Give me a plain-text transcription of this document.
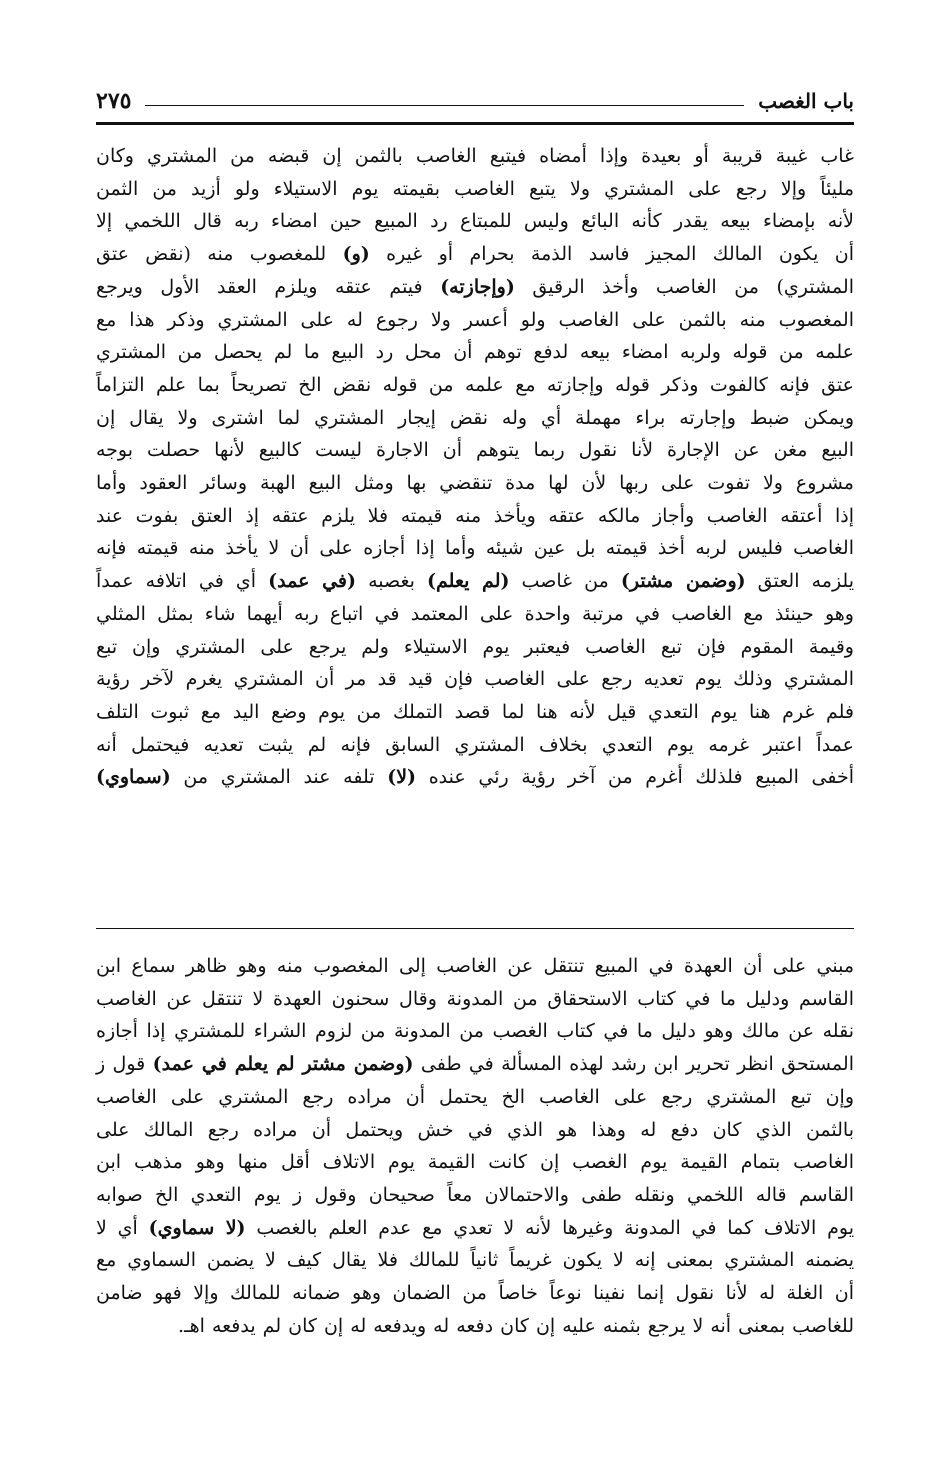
باب الغصب
٢٧٥

غاب غيبة قريبة أو بعيدة وإذا أمضاه فيتبع الغاصب بالثمن إن قبضه من المشتري وكان
مليئاً وإلا رجع على المشتري ولا يتبع الغاصب بقيمته يوم الاستيلاء ولو أزيد من الثمن
لأنه بإمضاء بيعه يقدر كأنه البائع وليس للمبتاع رد المبيع حين امضاء ربه قال اللخمي إلا
أن يكون المالك المجيز فاسد الذمة بحرام أو غيره (و) للمغصوب منه (نقض عتق
المشتري) من الغاصب وأخذ الرقيق (وإجازته) فيتم عتقه ويلزم العقد الأول ويرجع
المغصوب منه بالثمن على الغاصب ولو أعسر ولا رجوع له على المشتري وذكر هذا مع
علمه من قوله ولربه امضاء بيعه لدفع توهم أن محل رد البيع ما لم يحصل من المشتري
عتق فإنه كالفوت وذكر قوله وإجازته مع علمه من قوله نقض الخ تصريحاً بما علم التزاماً
ويمكن ضبط وإجارته براء مهملة أي وله نقض إيجار المشتري لما اشترى ولا يقال إن
البيع مغن عن الإجارة لأنا نقول ربما يتوهم أن الاجارة ليست كالبيع لأنها حصلت بوجه
مشروع ولا تفوت على ربها لأن لها مدة تنقضي بها ومثل البيع الهبة وسائر العقود وأما
إذا أعتقه الغاصب وأجاز مالكه عتقه ويأخذ منه قيمته فلا يلزم عتقه إذ العتق بفوت عند
الغاصب فليس لربه أخذ قيمته بل عين شيئه وأما إذا أجازه على أن لا يأخذ منه قيمته فإنه
يلزمه العتق (وضمن مشتر) من غاصب (لم يعلم) بغصبه (في عمد) أي في اتلافه عمداً
وهو حينئذ مع الغاصب في مرتبة واحدة على المعتمد في اتباع ربه أيهما شاء بمثل المثلي
وقيمة المقوم فإن تبع الغاصب فيعتبر يوم الاستيلاء ولم يرجع على المشتري وإن تبع
المشتري وذلك يوم تعديه رجع على الغاصب فإن قيد قد مر أن المشتري يغرم لآخر رؤية
فلم غرم هنا يوم التعدي قيل لأنه هنا لما قصد التملك من يوم وضع اليد مع ثبوت التلف
عمداً اعتبر غرمه يوم التعدي بخلاف المشتري السابق فإنه لم يثبت تعديه فيحتمل أنه
أخفى المبيع فلذلك أغرم من آخر رؤية رئي عنده (لا) تلفه عند المشتري من (سماوي)

مبني على أن العهدة في المبيع تنتقل عن الغاصب إلى المغصوب منه وهو ظاهر سماع ابن
القاسم ودليل ما في كتاب الاستحقاق من المدونة وقال سحنون العهدة لا تنتقل عن الغاصب
نقله عن مالك وهو دليل ما في كتاب الغصب من المدونة من لزوم الشراء للمشتري إذا أجازه
المستحق انظر تحرير ابن رشد لهذه المسألة في طفى (وضمن مشتر لم يعلم في عمد) قول ز
وإن تبع المشتري رجع على الغاصب الخ يحتمل أن مراده رجع المشتري على الغاصب
بالثمن الذي كان دفع له وهذا هو الذي في خش ويحتمل أن مراده رجع المالك على
الغاصب بتمام القيمة يوم الغصب إن كانت القيمة يوم الاتلاف أقل منها وهو مذهب ابن
القاسم قاله اللخمي ونقله طفى والاحتمالان معاً صحيحان وقول ز يوم التعدي الخ صوابه
يوم الاتلاف كما في المدونة وغيرها لأنه لا تعدي مع عدم العلم بالغصب (لا سماوي) أي لا
يضمنه المشتري بمعنى إنه لا يكون غريماً ثانياً للمالك فلا يقال كيف لا يضمن السماوي مع
أن الغلة له لأنا نقول إنما نفينا نوعاً خاصاً من الضمان وهو ضمانه للمالك وإلا فهو ضامن
للغاصب بمعنى أنه لا يرجع بثمنه عليه إن كان دفعه له ويدفعه له إن كان لم يدفعه اهـ.
